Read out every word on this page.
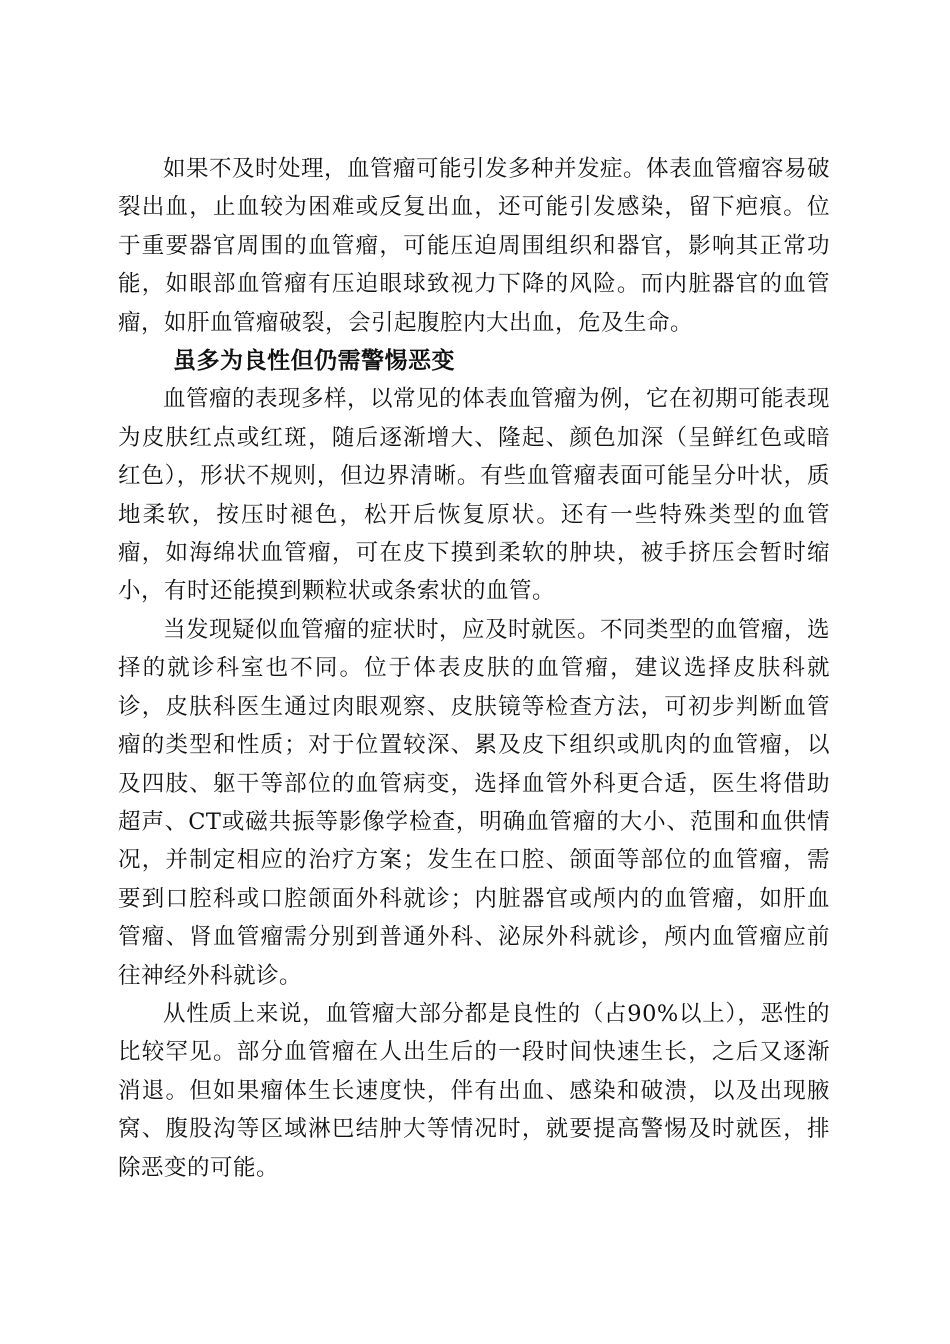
如果不及时处理，血管瘤可能引发多种并发症。体表血管瘤容易破裂出血，止血较为困难或反复出血，还可能引发感染，留下疤痕。位于重要器官周围的血管瘤，可能压迫周围组织和器官，影响其正常功能，如眼部血管瘤有压迫眼球致视力下降的风险。而内脏器官的血管瘤，如肝血管瘤破裂，会引起腹腔内大出血，危及生命。

虽多为良性但仍需警惕恶变

血管瘤的表现多样，以常见的体表血管瘤为例，它在初期可能表现为皮肤红点或红斑，随后逐渐增大、隆起、颜色加深（呈鲜红色或暗红色），形状不规则，但边界清晰。有些血管瘤表面可能呈分叶状，质地柔软，按压时褪色，松开后恢复原状。还有一些特殊类型的血管瘤，如海绵状血管瘤，可在皮下摸到柔软的肿块，被手挤压会暂时缩小，有时还能摸到颗粒状或条索状的血管。

当发现疑似血管瘤的症状时，应及时就医。不同类型的血管瘤，选择的就诊科室也不同。位于体表皮肤的血管瘤，建议选择皮肤科就诊，皮肤科医生通过肉眼观察、皮肤镜等检查方法，可初步判断血管瘤的类型和性质；对于位置较深、累及皮下组织或肌肉的血管瘤，以及四肢、躯干等部位的血管病变，选择血管外科更合适，医生将借助超声、CT或磁共振等影像学检查，明确血管瘤的大小、范围和血供情况，并制定相应的治疗方案；发生在口腔、颌面等部位的血管瘤，需要到口腔科或口腔颌面外科就诊；内脏器官或颅内的血管瘤，如肝血管瘤、肾血管瘤需分别到普通外科、泌尿外科就诊，颅内血管瘤应前往神经外科就诊。

从性质上来说，血管瘤大部分都是良性的（占90%以上），恶性的比较罕见。部分血管瘤在人出生后的一段时间快速生长，之后又逐渐消退。但如果瘤体生长速度快，伴有出血、感染和破溃，以及出现腋窝、腹股沟等区域淋巴结肿大等情况时，就要提高警惕及时就医，排除恶变的可能。
